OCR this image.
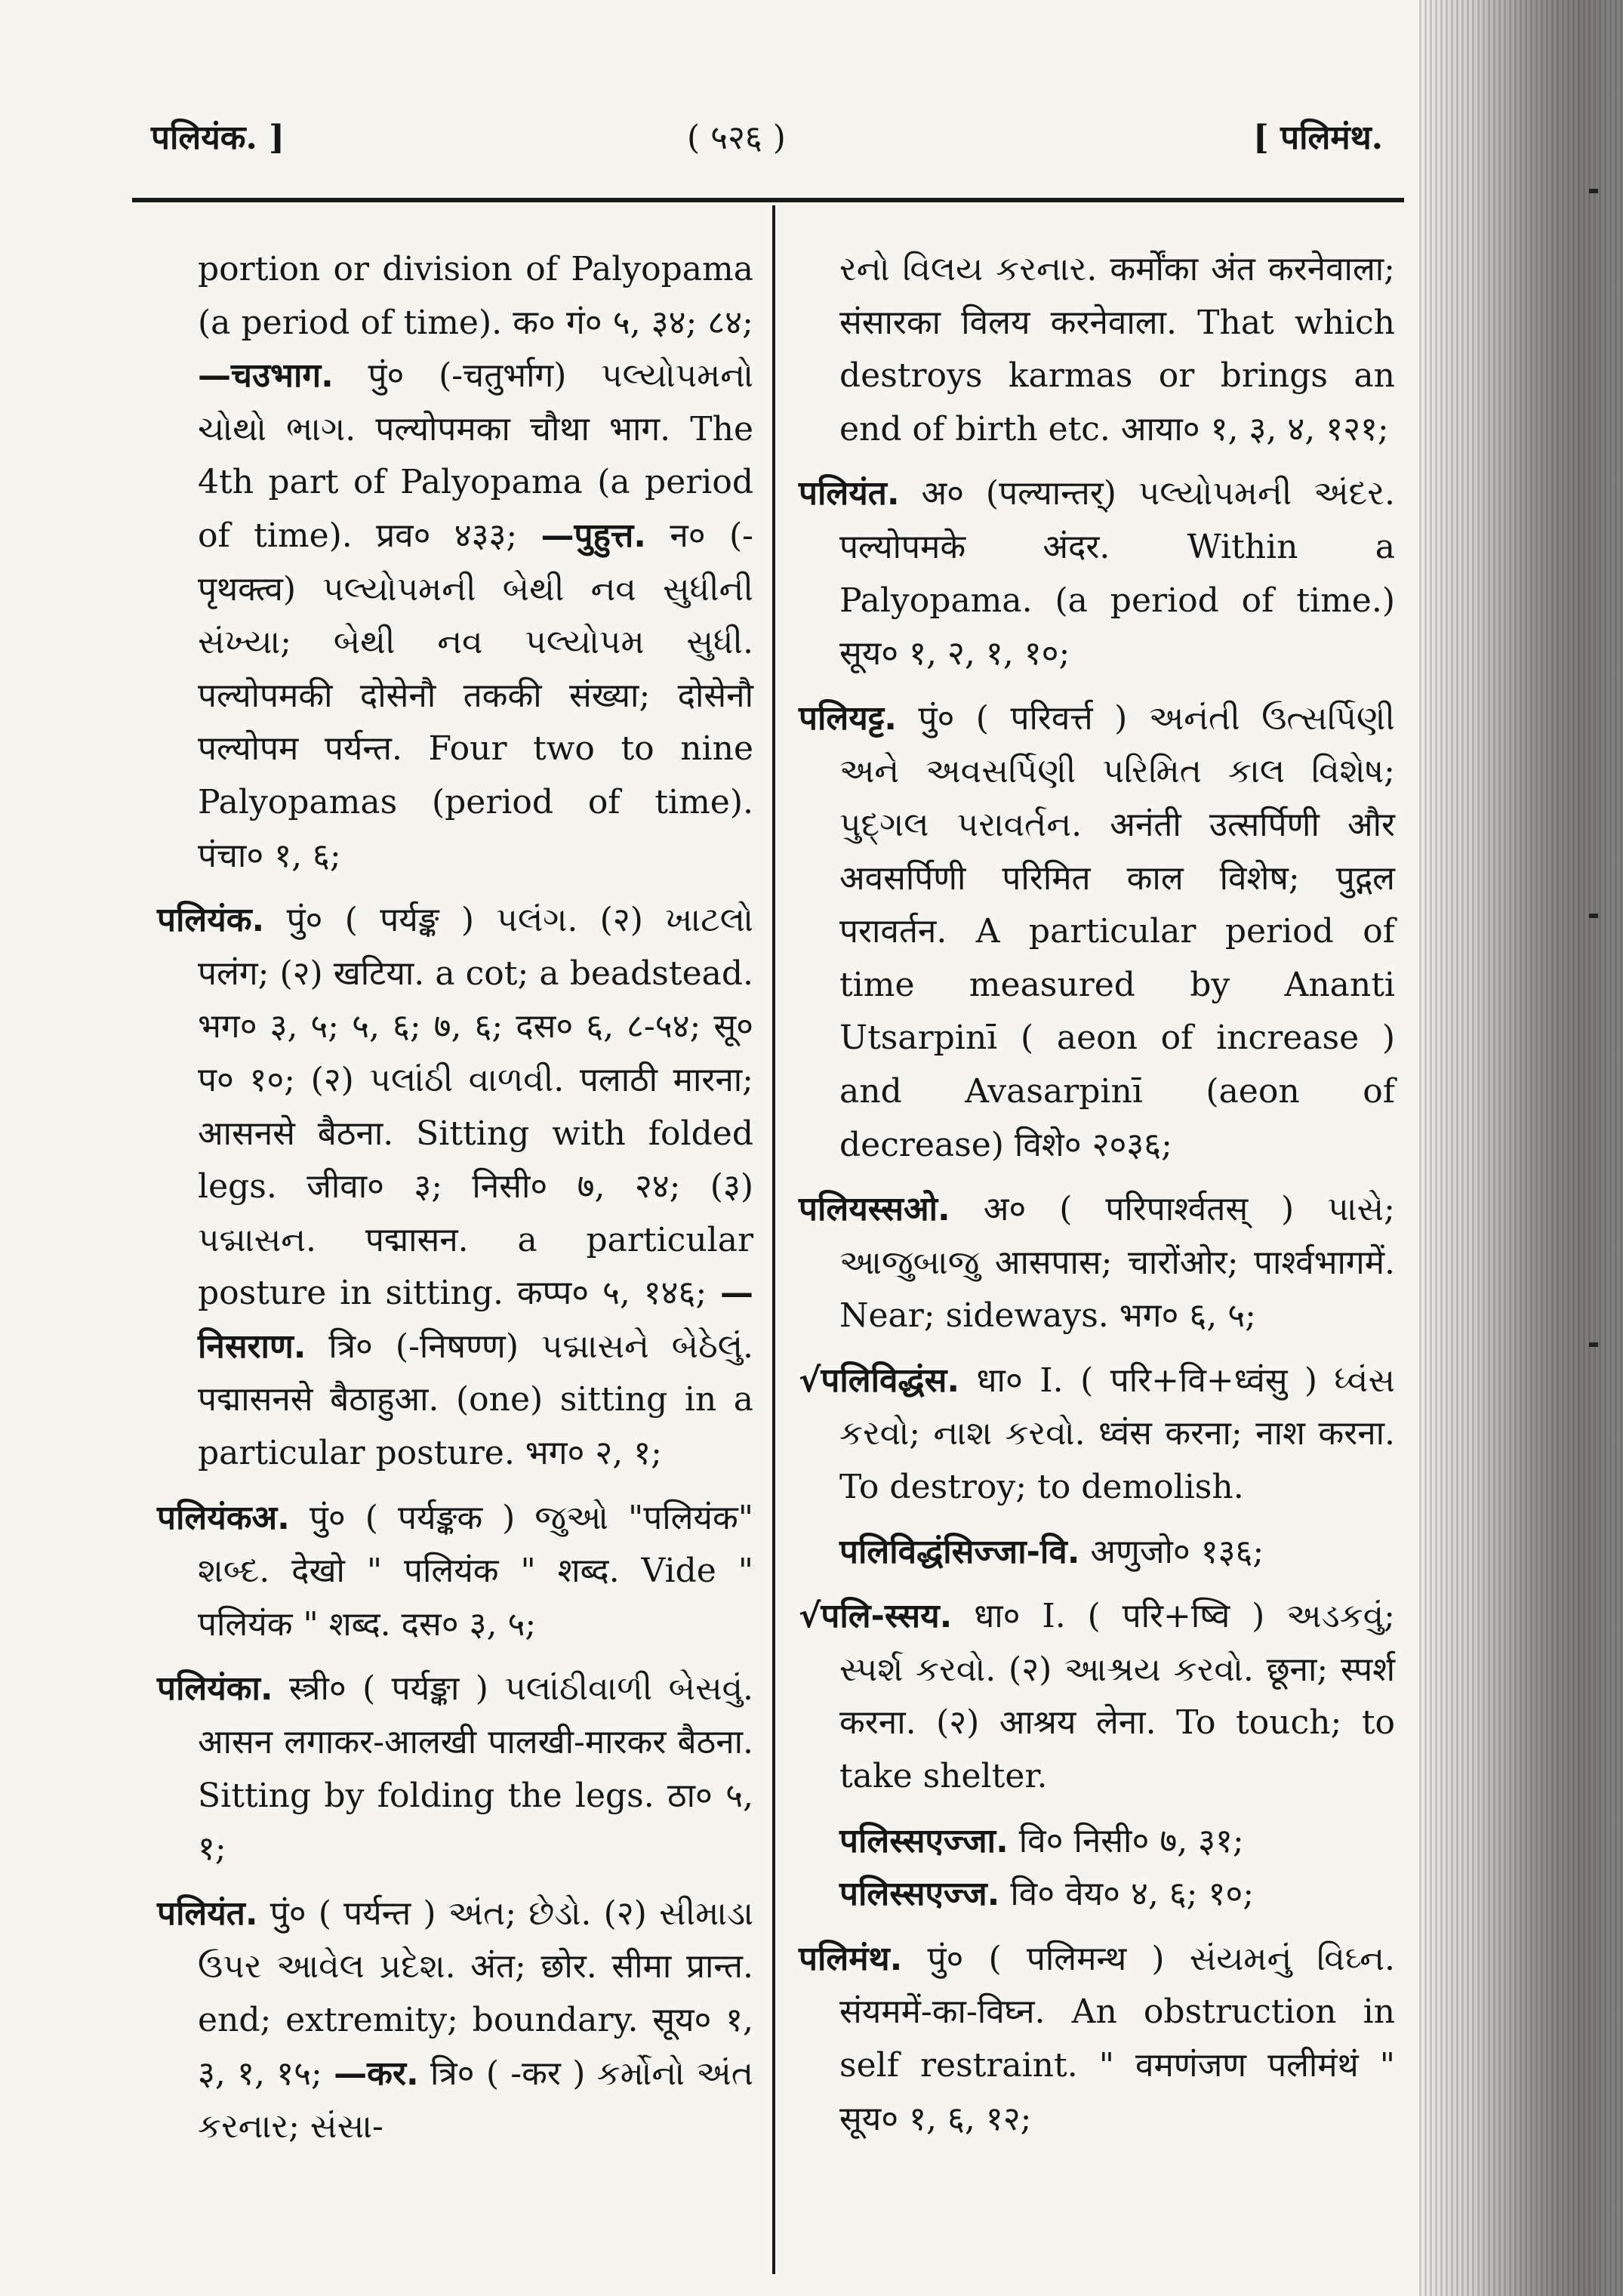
पलियंक. ]	( ५२६ )	[ पलिमंथ.
portion or division of Palyopama (a period of time). क० गं० ५, ३४; ८४; —चउभाग. पुं० (-चतुर्भाग) પલ્યોપમનો ચોથો ભાગ. पल्योपमका चौथा भाग. The 4th part of Palyopama (a period of time). प्रव० ४३३; —पुहुत्त. न० (-पृथक्त्व) પલ્યોપમની બેથી નવ સુધીની સંખ્યા; બેથી નવ પલ્યોપમ સુધી. पल्योपमकी दोसेनौ तककी संख्या; दोसेनौ पल्योपम पर्यन्त. Four two to nine Palyopamas (period of time). पंचा० १, ६;
पलियंक. पुं० ( पर्यङ्क ) પલંગ. (२) ખાટલો पलंग; (२) खटिया. a cot; a beadstead. भग० ३, ५; ५, ६; ७, ६; दस० ६, ८-५४; सू० प० १०; (२) પલાંઠી વાળવી. पलाठी मारना; आसनसे बैठना. Sitting with folded legs. जीवा० ३; निसी० ७, २४; (३) પદ્માસન. पद्मासन. a particular posture in sitting. कप्प० ५, १४६; —निसराण. त्रि० (-निषण्ण) પદ્માસને બેઠેલું. पद्मासनसे बैठाहुआ. (one) sitting in a particular posture. भग० २, १;
पलियंकअ. पुं० ( पर्यङ्कक ) જુઓ "पलियंक" શબ્દ. देखो " पलियंक " शब्द. Vide " पलियंक " शब्द. दस० ३, ५;
पलियंका. स्त्री० ( पर्यङ्का ) પલાંઠીવાળી બેસવું. आसन लगाकर-आलखी पालखी-मारकर बैठना. Sitting by folding the legs. ठा० ५, १;
पलियंत. पुं० ( पर्यन्त ) અંત; છેડો. (२) સીમાડા ઉપર આવેલ પ્રદેશ. अंत; छोर. सीमा प्रान्त. end; extremity; boundary. सूय० १, ३, १, १५; —कर. त्रि० ( -कर ) કર્મોનો અંત કરનાર; સંસા-
રનો વિલય કરનાર. कर्मोंका अंत करनेवाला; संसारका विलय करनेवाला. That which destroys karmas or brings an end of birth etc. आया० १, ३, ४, १२१;
पलियंत. अ० (पल्यान्तर्) પલ્યોપમની અંદર. पल्योपमके अंदर. Within a Palyopama. (a period of time.) सूय० १, २, १, १०;
पलियट्ट. पुं० ( परिवर्त्त ) અનંતી ઉત્સર્પિણી અને અવસર્પિણી પરિમિત કાલ વિશેષ; પુદ્ગલ પરાવર્તન. अनंती उत्सर्पिणी और अवसर्पिणी परिमित काल विशेष; पुद्गल परावर्तन. A particular period of time measured by Ananti Utsarpinī ( aeon of increase ) and Avasarpinī (aeon of decrease) विशे० २०३६;
पलियस्सओ. अ० ( परिपार्श्वतस् ) પાસે; આજુબાજુ आसपास; चारोंओर; पार्श्वभागमें. Near; sideways. भग० ६, ५;
√पलिविद्धंस. धा० I. ( परि+वि+ध्वंसु ) ધ્વંસ કરવો; નાશ કરવો. ध्वंस करना; नाश करना. To destroy; to demolish.
पलिविद्धंसिज्जा-वि. अणुजो० १३६;
√पलि-स्सय. धा० I. ( परि+ष्वि ) અડકવું; સ્પર્શ કરવો. (२) આશ્રય કરવો. छूना; स्पर्श करना. (२) आश्रय लेना. To touch; to take shelter.
पलिस्सएज्जा. वि० निसी० ७, ३१;
पलिस्सएज्ज. वि० वेय० ४, ६; १०;
पलिमंथ. पुं० ( पलिमन्थ ) સંયમનું વિઘ્ન. संयममें-का-विघ्न. An obstruction in self restraint. " वमणंजण पलीमंथं " सूय० १, ६, १२;
